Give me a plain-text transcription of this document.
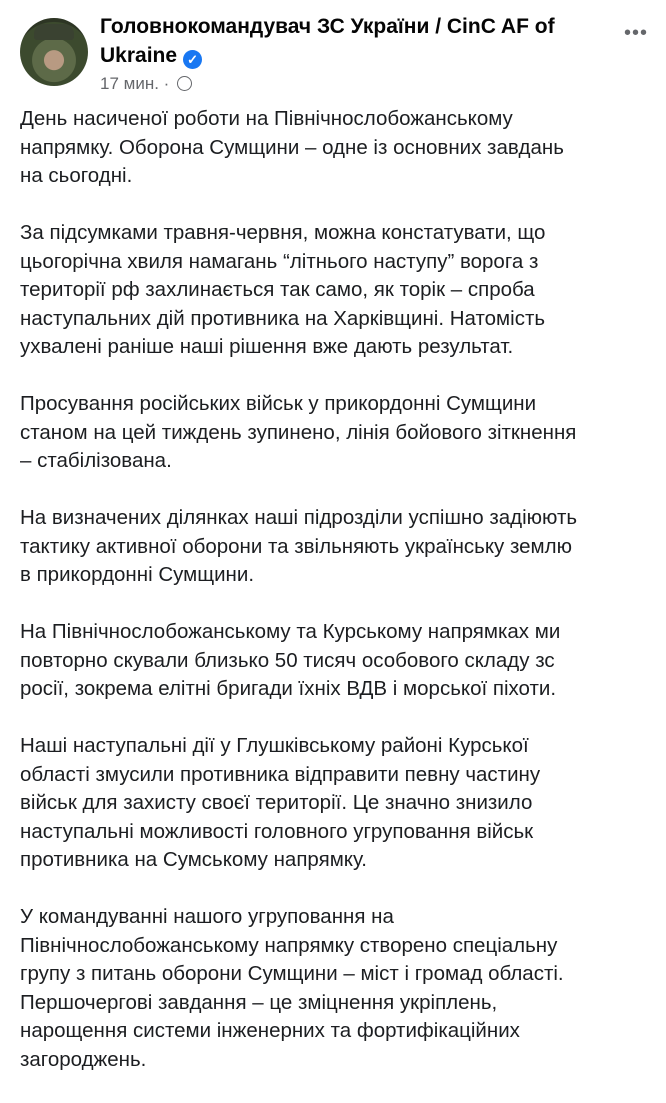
Головнокомандувач ЗС України / CinC AF of
Ukraine ✓
17 мин. ·
•••
День насиченої роботи на Північнослобожанському
напрямку. Оборона Сумщини – одне із основних завдань
на сьогодні.
За підсумками травня-червня, можна констатувати, що
цьогорічна хвиля намагань “літнього наступу” ворога з
території рф захлинається так само, як торік – спроба
наступальних дій противника на Харківщині. Натомість
ухвалені раніше наші рішення вже дають результат.
Просування російських військ у прикордонні Сумщини
станом на цей тиждень зупинено, лінія бойового зіткнення
– стабілізована.
На визначених ділянках наші підрозділи успішно задіюють
тактику активної оборони та звільняють українську землю
в прикордонні Сумщини.
На Північнослобожанському та Курському напрямках ми
повторно скували близько 50 тисяч особового складу зс
росії, зокрема елітні бригади їхніх ВДВ і морської піхоти.
Наші наступальні дії у Глушківському районі Курської
області змусили противника відправити певну частину
військ для захисту своєї території. Це значно знизило
наступальні можливості головного угруповання військ
противника на Сумському напрямку.
У командуванні нашого угруповання на
Північнослобожанському напрямку створено спеціальну
групу з питань оборони Сумщини – міст і громад області.
Першочергові завдання – це зміцнення укріплень,
нарощення системи інженерних та фортифікаційних
загороджень.
